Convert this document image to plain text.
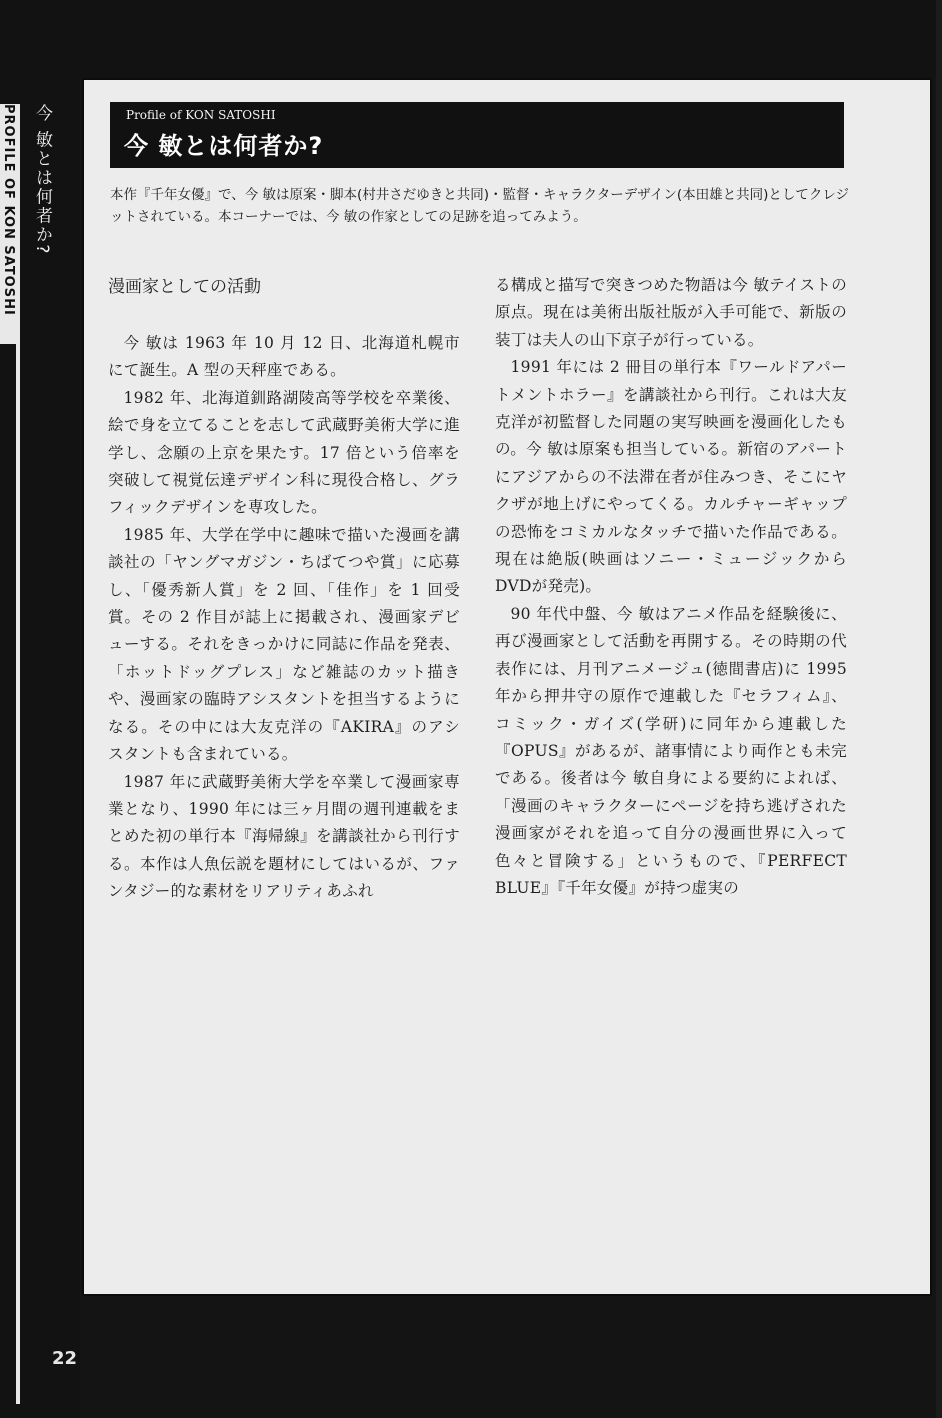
PROFILE OF KON SATOSHI 今 敏とは何者か?	Profile of KON SATOSHI
今 敏とは何者か?
本作『千年女優』で、今 敏は原案・脚本(村井さだゆきと共同)・監督・キャラクターデザイン(本田雄と共同)としてクレジットされている。本コーナーでは、今 敏の作家としての足跡を追ってみよう。
漫画家としての活動

今 敏は 1963 年 10 月 12 日、北海道札幌市にて誕生。A 型の天秤座である。

1982 年、北海道釧路湖陵高等学校を卒業後、絵で身を立てることを志して武蔵野美術大学に進学し、念願の上京を果たす。17 倍という倍率を突破して視覚伝達デザイン科に現役合格し、グラフィックデザインを専攻した。

1985 年、大学在学中に趣味で描いた漫画を講談社の「ヤングマガジン・ちばてつや賞」に応募し、「優秀新人賞」を 2 回、「佳作」を 1 回受賞。その 2 作目が誌上に掲載され、漫画家デビューする。それをきっかけに同誌に作品を発表、「ホットドッグプレス」など雑誌のカット描きや、漫画家の臨時アシスタントを担当するようになる。その中には大友克洋の『AKIRA』のアシスタントも含まれている。

1987 年に武蔵野美術大学を卒業して漫画家専業となり、1990 年には三ヶ月間の週刊連載をまとめた初の単行本『海帰線』を講談社から刊行する。本作は人魚伝説を題材にしてはいるが、ファンタジー的な素材をリアリティあふれ

る構成と描写で突きつめた物語は今 敏テイストの原点。現在は美術出版社版が入手可能で、新版の装丁は夫人の山下京子が行っている。

1991 年には 2 冊目の単行本『ワールドアパートメントホラー』を講談社から刊行。これは大友克洋が初監督した同題の実写映画を漫画化したもの。今 敏は原案も担当している。新宿のアパートにアジアからの不法滞在者が住みつき、そこにヤクザが地上げにやってくる。カルチャーギャップの恐怖をコミカルなタッチで描いた作品である。現在は絶版(映画はソニー・ミュージックからDVDが発売)。

90 年代中盤、今 敏はアニメ作品を経験後に、再び漫画家として活動を再開する。その時期の代表作には、月刊アニメージュ(徳間書店)に 1995 年から押井守の原作で連載した『セラフィム』、コミック・ガイズ(学研)に同年から連載した『OPUS』があるが、諸事情により両作とも未完である。後者は今 敏自身による要約によれば、「漫画のキャラクターにページを持ち逃げされた漫画家がそれを追って自分の漫画世界に入って色々と冒険する」というもので、『PERFECT BLUE』『千年女優』が持つ虚実の

22
